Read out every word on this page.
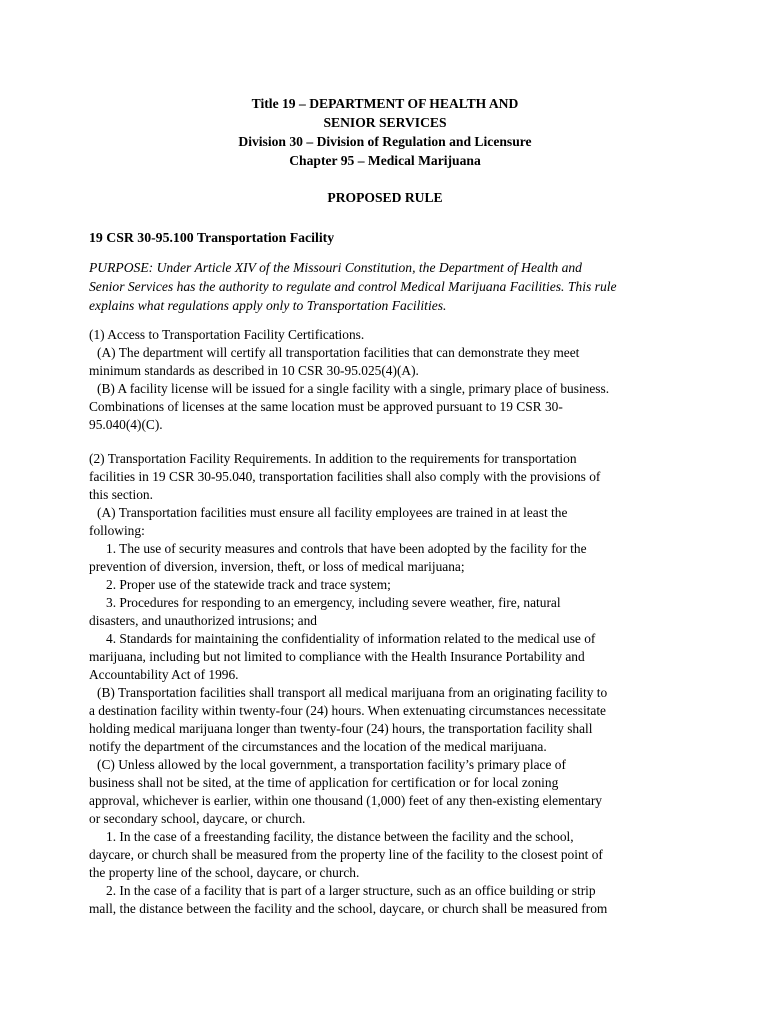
Title 19 – DEPARTMENT OF HEALTH AND
SENIOR SERVICES
Division 30 – Division of Regulation and Licensure
Chapter 95 – Medical Marijuana
PROPOSED RULE
19 CSR 30-95.100 Transportation Facility
PURPOSE: Under Article XIV of the Missouri Constitution, the Department of Health and
Senior Services has the authority to regulate and control Medical Marijuana Facilities. This rule
explains what regulations apply only to Transportation Facilities.
(1) Access to Transportation Facility Certifications.
(A) The department will certify all transportation facilities that can demonstrate they meet
minimum standards as described in 10 CSR 30-95.025(4)(A).
(B) A facility license will be issued for a single facility with a single, primary place of business.
Combinations of licenses at the same location must be approved pursuant to 19 CSR 30-
95.040(4)(C).
(2) Transportation Facility Requirements. In addition to the requirements for transportation
facilities in 19 CSR 30-95.040, transportation facilities shall also comply with the provisions of
this section.
(A) Transportation facilities must ensure all facility employees are trained in at least the
following:
1. The use of security measures and controls that have been adopted by the facility for the
prevention of diversion, inversion, theft, or loss of medical marijuana;
2. Proper use of the statewide track and trace system;
3. Procedures for responding to an emergency, including severe weather, fire, natural
disasters, and unauthorized intrusions; and
4. Standards for maintaining the confidentiality of information related to the medical use of
marijuana, including but not limited to compliance with the Health Insurance Portability and
Accountability Act of 1996.
(B) Transportation facilities shall transport all medical marijuana from an originating facility to
a destination facility within twenty-four (24) hours. When extenuating circumstances necessitate
holding medical marijuana longer than twenty-four (24) hours, the transportation facility shall
notify the department of the circumstances and the location of the medical marijuana.
(C) Unless allowed by the local government, a transportation facility’s primary place of
business shall not be sited, at the time of application for certification or for local zoning
approval, whichever is earlier, within one thousand (1,000) feet of any then-existing elementary
or secondary school, daycare, or church.
1. In the case of a freestanding facility, the distance between the facility and the school,
daycare, or church shall be measured from the property line of the facility to the closest point of
the property line of the school, daycare, or church.
2. In the case of a facility that is part of a larger structure, such as an office building or strip
mall, the distance between the facility and the school, daycare, or church shall be measured from
